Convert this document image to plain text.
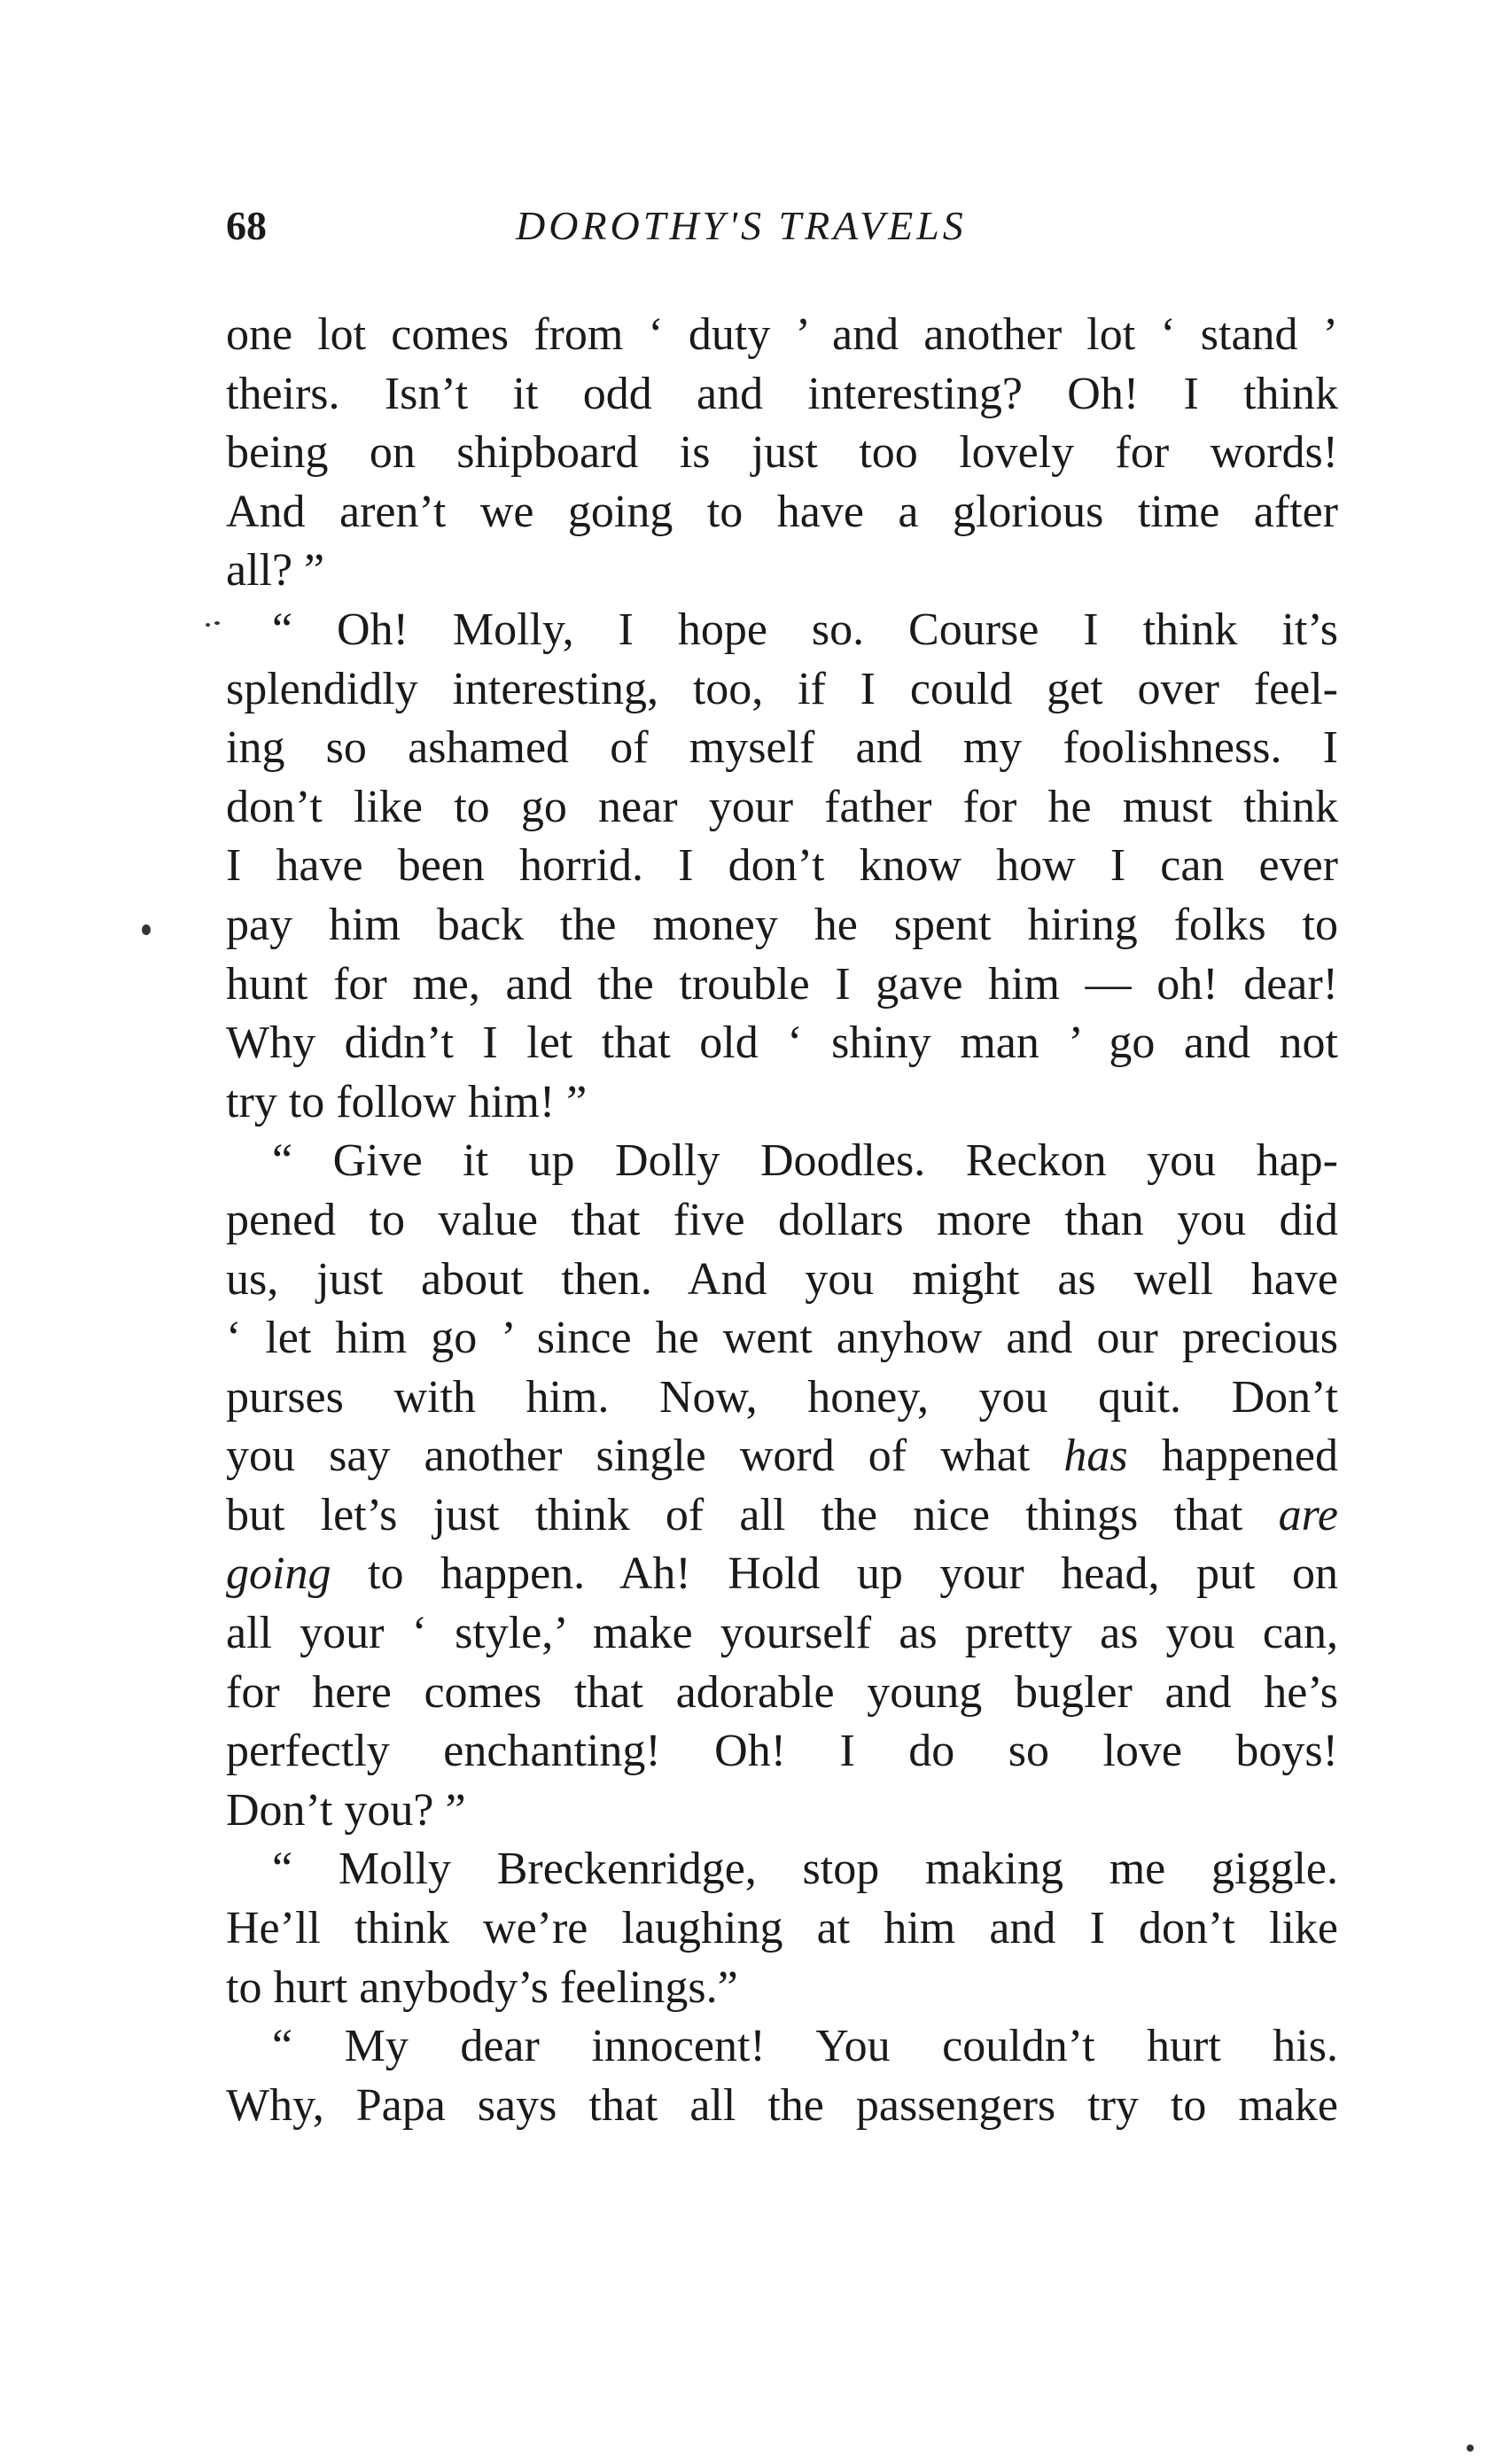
68	DOROTHY'S TRAVELS
one lot comes from ‘ duty ’ and another lot ‘ stand ’
theirs. Isn’t it odd and interesting? Oh! I think
being on shipboard is just too lovely for words!
And aren’t we going to have a glorious time after
all? ”
“ Oh! Molly, I hope so. Course I think it’s
splendidly interesting, too, if I could get over feel-
ing so ashamed of myself and my foolishness. I
don’t like to go near your father for he must think
I have been horrid. I don’t know how I can ever
pay him back the money he spent hiring folks to
hunt for me, and the trouble I gave him — oh! dear!
Why didn’t I let that old ‘ shiny man ’ go and not
try to follow him! ”
“ Give it up Dolly Doodles. Reckon you hap-
pened to value that five dollars more than you did
us, just about then. And you might as well have
‘ let him go ’ since he went anyhow and our precious
purses with him. Now, honey, you quit. Don’t
you say another single word of what has happened
but let’s just think of all the nice things that are
going to happen. Ah! Hold up your head, put on
all your ‘ style,’ make yourself as pretty as you can,
for here comes that adorable young bugler and he’s
perfectly enchanting! Oh! I do so love boys!
Don’t you? ”
“ Molly Breckenridge, stop making me giggle.
He’ll think we’re laughing at him and I don’t like
to hurt anybody’s feelings.”
“ My dear innocent! You couldn’t hurt his.
Why, Papa says that all the passengers try to make
